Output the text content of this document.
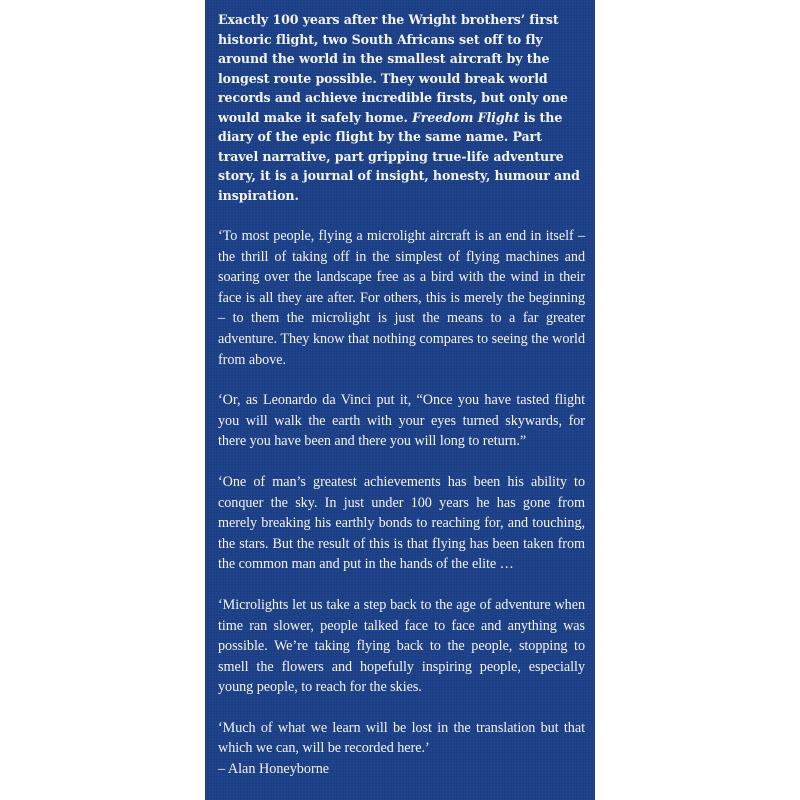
Exactly 100 years after the Wright brothers’ first historic flight, two South Africans set off to fly around the world in the smallest aircraft by the longest route possible. They would break world records and achieve incredible firsts, but only one would make it safely home. Freedom Flight is the diary of the epic flight by the same name. Part travel narrative, part gripping true-life adventure story, it is a journal of insight, honesty, humour and inspiration.

‘To most people, flying a microlight aircraft is an end in itself – the thrill of taking off in the simplest of flying machines and soaring over the landscape free as a bird with the wind in their face is all they are after. For others, this is merely the beginning – to them the microlight is just the means to a far greater adventure. They know that nothing compares to seeing the world from above.

‘Or, as Leonardo da Vinci put it, “Once you have tasted flight you will walk the earth with your eyes turned skywards, for there you have been and there you will long to return.”

‘One of man’s greatest achievements has been his ability to conquer the sky. In just under 100 years he has gone from merely breaking his earthly bonds to reaching for, and touching, the stars. But the result of this is that flying has been taken from the common man and put in the hands of the elite …

‘Microlights let us take a step back to the age of adventure when time ran slower, people talked face to face and anything was possible. We’re taking flying back to the people, stopping to smell the flowers and hopefully inspiring people, especially young people, to reach for the skies.

‘Much of what we learn will be lost in the translation but that which we can, will be recorded here.’

– Alan Honeyborne
